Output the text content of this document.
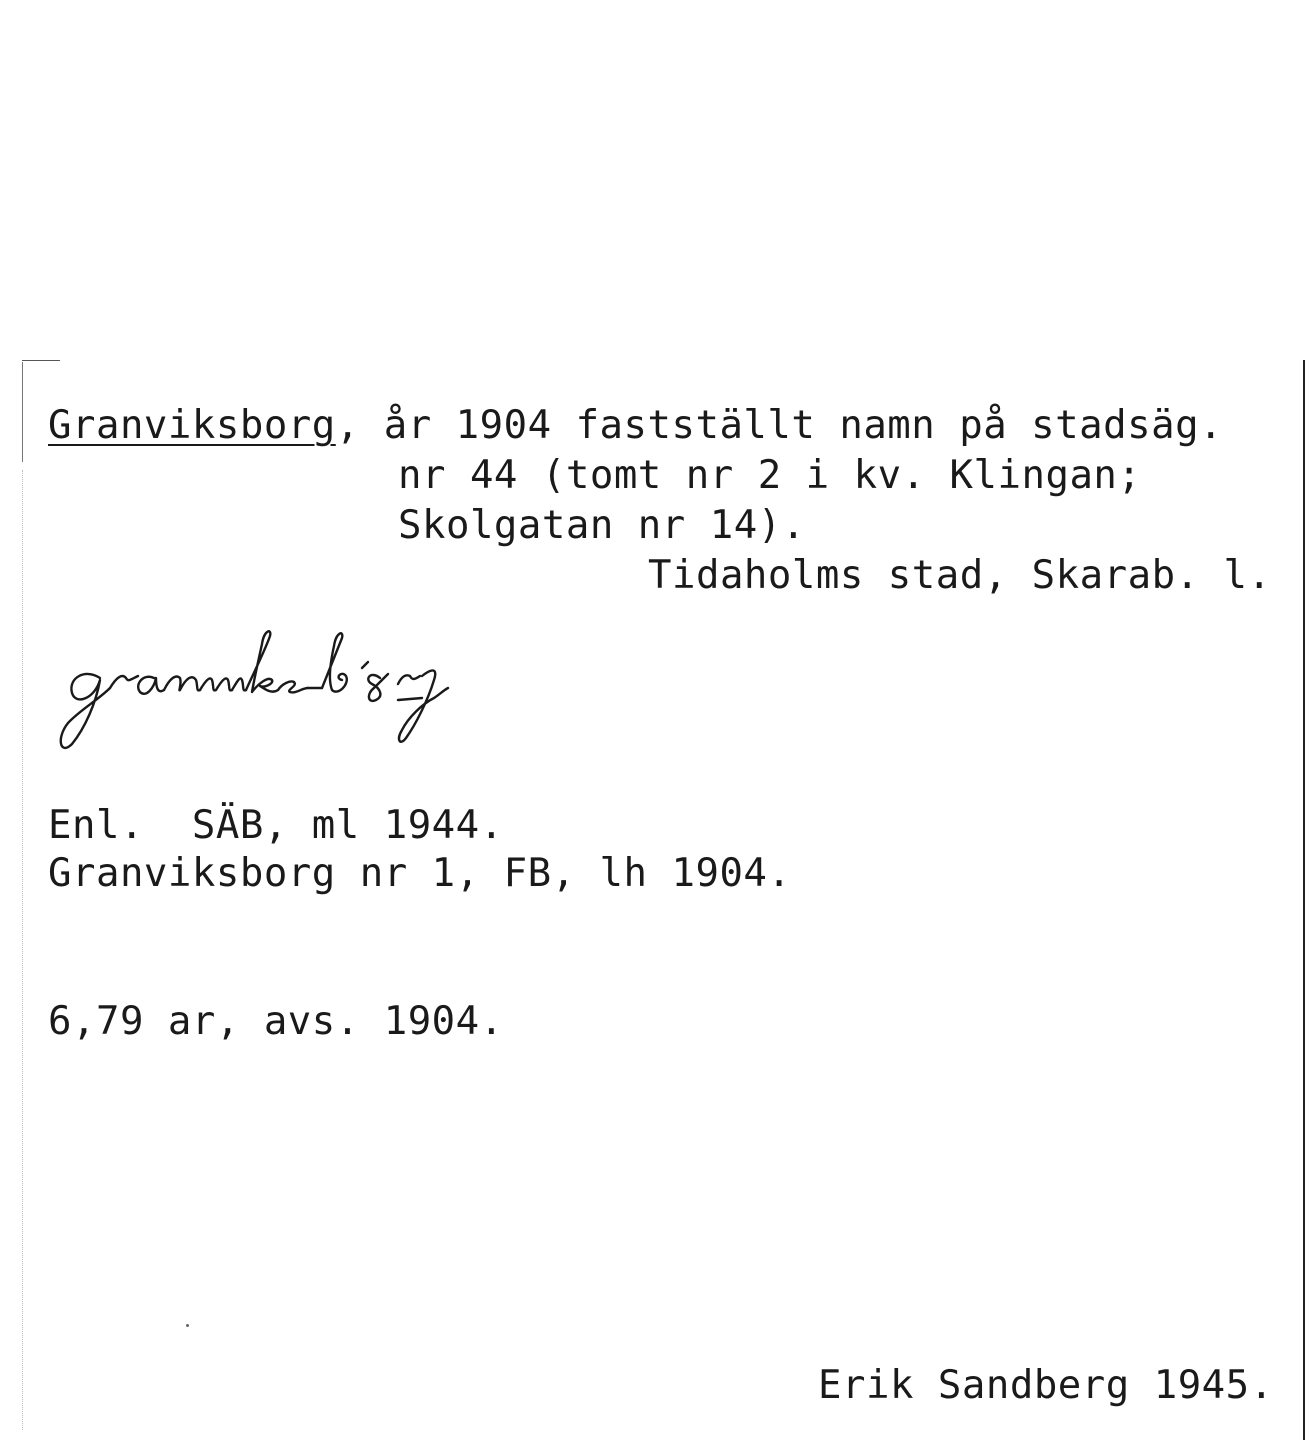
Granviksborg, år 1904 fastställt namn på stadsäg.

nr 44 (tomt nr 2 i kv. Klingan;

Skolgatan nr 14).

Tidaholms stad, Skarab. l.

Enl.  SÄB, ml 1944.

Granviksborg nr 1, FB, lh 1904.

6,79 ar, avs. 1904.

Erik Sandberg 1945.
